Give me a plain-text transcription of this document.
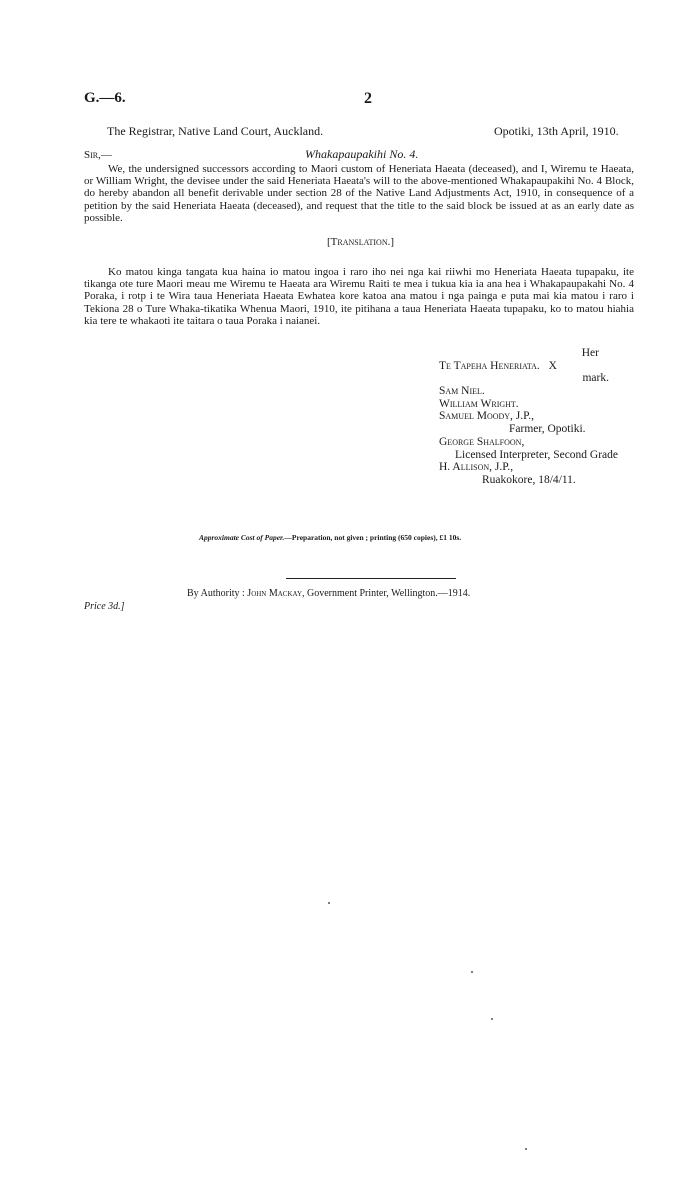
G.—6.	2
The Registrar, Native Land Court, Auckland.	Opotiki, 13th April, 1910.
Sir,—	Whakapaupakihi No. 4.

We, the undersigned successors according to Maori custom of Heneriata Haeata (deceased), and I, Wiremu te Haeata, or William Wright, the devisee under the said Heneriata Haeata's will to the above-mentioned Whakapaupakihi No. 4 Block, do hereby abandon all benefit derivable under section 28 of the Native Land Adjustments Act, 1910, in consequence of a petition by the said Heneriata Haeata (deceased), and request that the title to the said block be issued at as an early date as possible.

[Translation.]

Ko matou kinga tangata kua haina io matou ingoa i raro iho nei nga kai riiwhi mo Heneriata Haeata tupapaku, ite tikanga ote ture Maori meau me Wiremu te Haeata ara Wiremu Raiti te mea i tukua kia ia ana hea i Whakapaupakahi No. 4 Poraka, i rotp i te Wira taua Heneriata Haeata Ewhatea kore katoa ana matou i nga painga e puta mai kia matou i raro i Tekiona 28 o Ture Whaka-tikatika Whenua Maori, 1910, ite pitihana a taua Heneriata Haeata tupapaku, ko to matou hiahia kia tere te whakaoti ite taitara o taua Poraka i naianei.

Her
Te Tapeha Heneriata. X
mark.
Sam Niel.
William Wright.
Samuel Moody, J.P.,
Farmer, Opotiki.
George Shalfoon,
Licensed Interpreter, Second Grade
H. Allison, J.P.,
Ruakokore, 18/4/11.
Approximate Cost of Paper.—Preparation, not given ; printing (650 copies), £1 10s.
By Authority : John Mackay, Government Printer, Wellington.—1914.
Price 3d.]
